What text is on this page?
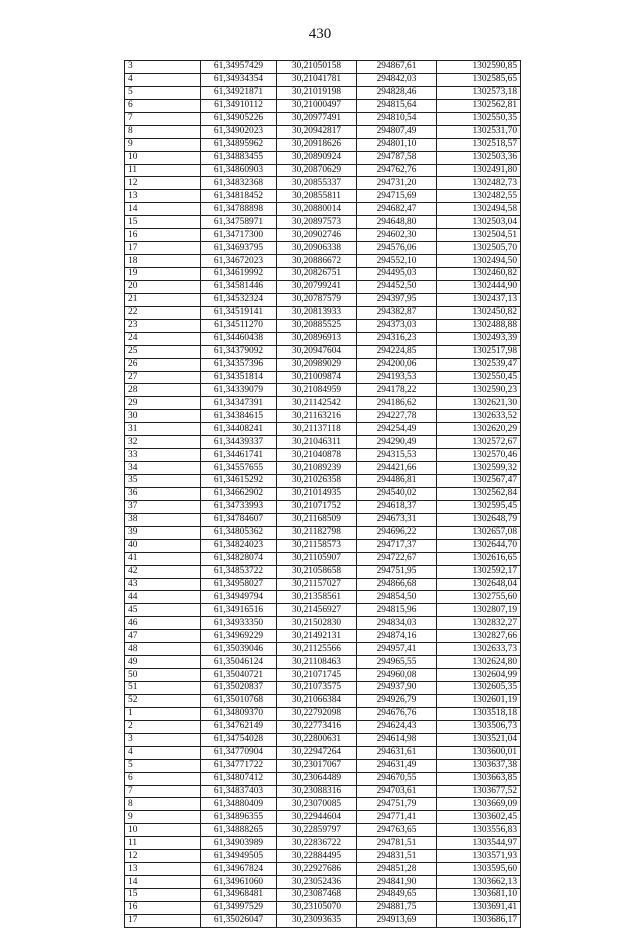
430
3	61,34957429	30,21050158	294867,61	1302590,85
4	61,34934354	30,21041781	294842,03	1302585,65
5	61,34921871	30,21019198	294828,46	1302573,18
6	61,34910112	30,21000497	294815,64	1302562,81
7	61,34905226	30,20977491	294810,54	1302550,35
8	61,34902023	30,20942817	294807,49	1302531,70
9	61,34895962	30,20918626	294801,10	1302518,57
10	61,34883455	30,20890924	294787,58	1302503,36
11	61,34860903	30,20870629	294762,76	1302491,80
12	61,34832368	30,20855337	294731,20	1302482,73
13	61,34818452	30,20855811	294715,69	1302482,55
14	61,34788898	30,20880014	294682,47	1302494,58
15	61,34758971	30,20897573	294648,80	1302503,04
16	61,34717300	30,20902746	294602,30	1302504,51
17	61,34693795	30,20906338	294576,06	1302505,70
18	61,34672023	30,20886672	294552,10	1302494,50
19	61,34619992	30,20826751	294495,03	1302460,82
20	61,34581446	30,20799241	294452,50	1302444,90
21	61,34532324	30,20787579	294397,95	1302437,13
22	61,34519141	30,20813933	294382,87	1302450,82
23	61,34511270	30,20885525	294373,03	1302488,88
24	61,34460438	30,20896913	294316,23	1302493,39
25	61,34379092	30,20947604	294224,85	1302517,98
26	61,34357396	30,20989029	294200,06	1302539,47
27	61,34351814	30,21009874	294193,53	1302550,45
28	61,34339079	30,21084959	294178,22	1302590,23
29	61,34347391	30,21142542	294186,62	1302621,30
30	61,34384615	30,21163216	294227,78	1302633,52
31	61,34408241	30,21137118	294254,49	1302620,29
32	61,34439337	30,21046311	294290,49	1302572,67
33	61,34461741	30,21040878	294315,53	1302570,46
34	61,34557655	30,21089239	294421,66	1302599,32
35	61,34615292	30,21026358	294486,81	1302567,47
36	61,34662902	30,21014935	294540,02	1302562,84
37	61,34733993	30,21071752	294618,37	1302595,45
38	61,34784607	30,21168509	294673,31	1302648,79
39	61,34805362	30,21182798	294696,22	1302657,08
40	61,34824023	30,21158573	294717,37	1302644,70
41	61,34828074	30,21105907	294722,67	1302616,65
42	61,34853722	30,21058658	294751,95	1302592,17
43	61,34958027	30,21157027	294866,68	1302648,04
44	61,34949794	30,21358561	294854,50	1302755,60
45	61,34916516	30,21456927	294815,96	1302807,19
46	61,34933350	30,21502830	294834,03	1302832,27
47	61,34969229	30,21492131	294874,16	1302827,66
48	61,35039046	30,21125566	294957,41	1302633,73
49	61,35046124	30,21108463	294965,55	1302624,80
50	61,35040721	30,21071745	294960,08	1302604,99
51	61,35020837	30,21073575	294937,90	1302605,35
52	61,35010768	30,21066384	294926,79	1302601,19
1	61,34809370	30,22792098	294676,76	1303518,18
2	61,34762149	30,22773416	294624,43	1303506,73
3	61,34754028	30,22800631	294614,98	1303521,04
4	61,34770904	30,22947264	294631,61	1303600,01
5	61,34771722	30,23017067	294631,49	1303637,38
6	61,34807412	30,23064489	294670,55	1303663,85
7	61,34837403	30,23088316	294703,61	1303677,52
8	61,34880409	30,23070085	294751,79	1303669,09
9	61,34896355	30,22944604	294771,41	1303602,45
10	61,34888265	30,22859797	294763,65	1303556,83
11	61,34903989	30,22836722	294781,51	1303544,97
12	61,34949505	30,22884495	294831,51	1303571,93
13	61,34967824	30,22927686	294851,28	1303595,60
14	61,34961060	30,23052436	294841,90	1303662,13
15	61,34968481	30,23087468	294849,65	1303681,10
16	61,34997529	30,23105070	294881,75	1303691,41
17	61,35026047	30,23093635	294913,69	1303686,17
